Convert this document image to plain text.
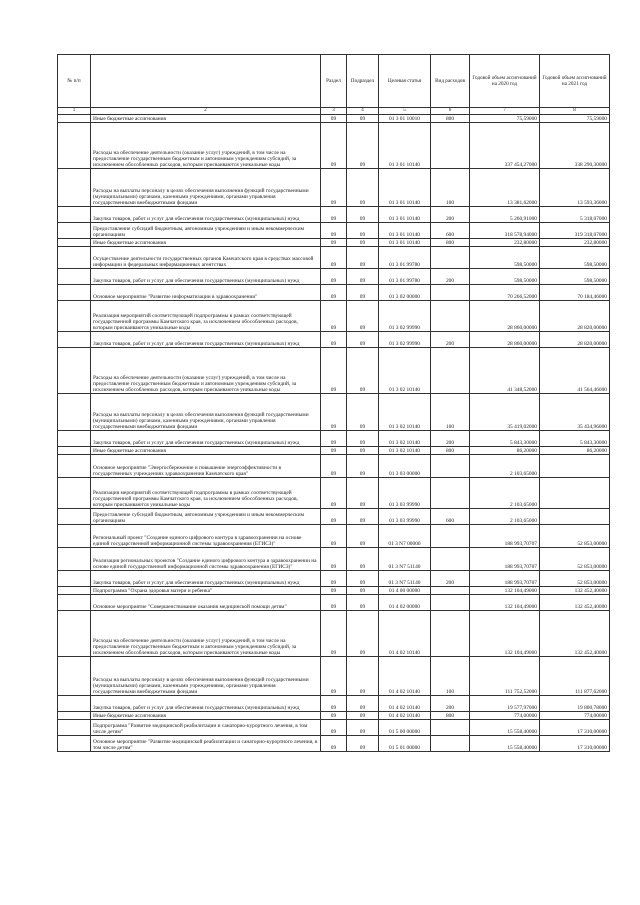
№ п/п		Раздел	Подраздел	Целевая статья	Вид расходов	Годовой объем ассигнований на 2020 год	Годовой объем ассигнований на 2021 год
1	2	3	4	5	6	7	8
	Иные бюджетные ассигнования	09	09	01 3 01 10010	800	75,59000	75,59000
	Расходы на обеспечение деятельности (оказание услуг) учреждений, в том числе на предоставление государственным бюджетным и автономным учреждениям субсидий, за исключением обособленных расходов, которым присваиваются уникальные коды	09	09	01 3 01 10140		337 454,27000	338 290,30000
	Расходы на выплаты персоналу в целях обеспечения выполнения функций государственными (муниципальными) органами, казенными учреждениями, органами управления государственными внебюджетными фондами	09	09	01 3 01 10140	100	13 381,62000	13 593,36000
	Закупка товаров, работ и услуг для обеспечения государственных (муниципальных) нужд	09	09	01 3 01 10140	200	5 260,91000	5 318,07000
	Предоставление субсидий бюджетным, автономным учреждениям и иным некоммерческим организациям	09	09	01 3 01 10140	600	318 578,94000	319 318,07000
	Иные бюджетные ассигнования	09	09	01 3 01 10140	800	232,80000	232,80000
	Осуществление деятельности государственных органов Камчатского края в средствах массовой информации и федеральных информационных агентствах	09	09	01 3 01 99780		598,50000	598,50000
	Закупка товаров, работ и услуг для обеспечения государственных (муниципальных) нужд	09	09	01 3 01 99780	200	598,50000	598,50000
	Основное мероприятие "Развитие информатизации в здравоохранении"	09	09	01 3 02 00000		70 266,52000	70 184,46000
	Реализация мероприятий соответствующей подпрограммы в рамках соответствующей государственной программы Камчатского края, за исключением обособленных расходов, которым присваиваются уникальные коды	09	09	01 3 02 99990		28 860,00000	28 820,00000
	Закупка товаров, работ и услуг для обеспечения государственных (муниципальных) нужд	09	09	01 3 02 99990	200	28 860,00000	28 820,00000
	Расходы на обеспечение деятельности (оказание услуг) учреждений, в том числе на предоставление государственным бюджетным и автономным учреждениям субсидий, за исключением обособленных расходов, которым присваиваются уникальные коды	09	09	01 3 02 10140		41 348,52000	41 564,46000
	Расходы на выплаты персоналу в целях обеспечения выполнения функций государственными (муниципальными) органами, казенными учреждениями, органами управления государственными внебюджетными фондами	09	09	01 3 02 10140	100	35 419,02000	35 434,96000
	Закупка товаров, работ и услуг для обеспечения государственных (муниципальных) нужд	09	09	01 3 02 10140	200	5 843,30000	5 843,30000
	Иные бюджетные ассигнования	09	09	01 3 02 10140	800	86,20000	86,20000
	Основное мероприятие "Энергосбережение и повышение энергоэффективности в государственных учреждениях здравоохранения Камчатского края"	09	09	01 3 03 00000		2 103,65000	
	Реализация мероприятий соответствующей подпрограммы в рамках соответствующей государственной программы Камчатского края, за исключением обособленных расходов, которым присваиваются уникальные коды	09	09	01 3 03 99990		2 103,65000	
	Предоставление субсидий бюджетным, автономным учреждениям и иным некоммерческим организациям	09	09	01 3 03 99990	600	2 103,65000	
	Региональный проект "Создание единого цифрового контура в здравоохранении на основе единой государственной информационной системы здравоохранения (ЕГИСЗ)"	09	09	01 3 N7 00000		188 993,70707	52 853,00000
	Реализация региональных проектов "Создание единого цифрового контура в здравоохранении на основе единой государственной информационной системы здравоохранения (ЕГИСЗ)"	09	09	01 3 N7 51140		188 993,70707	52 853,00000
	Закупка товаров, работ и услуг для обеспечения государственных (муниципальных) нужд	09	09	01 3 N7 51140	200	188 993,70707	52 853,00000
	Подпрограмма "Охрана здоровья матери и ребенка"	09	09	01 4 00 00000		132 104,49000	132 452,40000
	Основное мероприятие "Совершенствование оказания медицинской помощи детям"	09	09	01 4 02 00000		132 104,49000	132 452,40000
	Расходы на обеспечение деятельности (оказание услуг) учреждений, в том числе на предоставление государственным бюджетным и автономным учреждениям субсидий, за исключением обособленных расходов, которым присваиваются уникальные коды	09	09	01 4 02 10140		132 104,49000	132 452,40000
	Расходы на выплаты персоналу в целях обеспечения выполнения функций государственными (муниципальными) органами, казенными учреждениями, органами управления государственными внебюджетными фондами	09	09	01 4 02 10140	100	111 752,52000	111 877,62000
	Закупка товаров, работ и услуг для обеспечения государственных (муниципальных) нужд	09	09	01 4 02 10140	200	19 577,97000	19 800,78000
	Иные бюджетные ассигнования	09	09	01 4 02 10140	800	774,00000	774,00000
	Подпрограмма "Развитие медицинской реабилитации и санаторно-курортного лечения, в том числе детям"	09	09	01 5 00 00000		15 558,40000	17 310,00000
	Основное мероприятие "Развитие медицинской реабилитации и санаторно-курортного лечения, в том числе детям"	09	09	01 5 01 00000		15 558,40000	17 310,00000
